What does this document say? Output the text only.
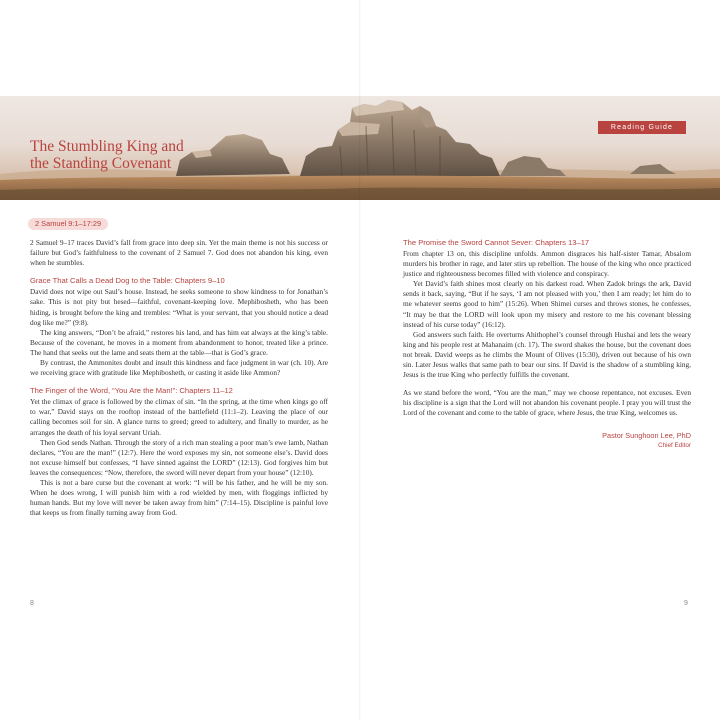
The Stumbling King and
the Standing Covenant
Reading Guide
2 Samuel 9:1–17:29

2 Samuel 9–17 traces David’s fall from grace into deep sin. Yet the main theme is not his success or failure but God’s faithfulness to the covenant of 2 Samuel 7. God does not abandon his king, even when he stumbles.

Grace That Calls a Dead Dog to the Table: Chapters 9–10

David does not wipe out Saul’s house. Instead, he seeks someone to show kindness to for Jonathan’s sake. This is not pity but hesed—faithful, covenant-keeping love. Mephibosheth, who has been hiding, is brought before the king and trembles: “What is your servant, that you should notice a dead dog like me?” (9:8).

The king answers, “Don’t be afraid,” restores his land, and has him eat always at the king’s table. Because of the covenant, he moves in a moment from abandonment to honor, treated like a prince. The hand that seeks out the lame and seats them at the table—that is God’s grace.

By contrast, the Ammonites doubt and insult this kindness and face judgment in war (ch. 10). Are we receiving grace with gratitude like Mephibosheth, or casting it aside like Ammon?

The Finger of the Word, “You Are the Man!”: Chapters 11–12

Yet the climax of grace is followed by the climax of sin. “In the spring, at the time when kings go off to war,” David stays on the rooftop instead of the battlefield (11:1–2). Leaving the place of our calling becomes soil for sin. A glance turns to greed; greed to adultery, and finally to murder, as he arranges the death of his loyal servant Uriah.

Then God sends Nathan. Through the story of a rich man stealing a poor man’s ewe lamb, Nathan declares, “You are the man!” (12:7). Here the word exposes my sin, not someone else’s. David does not excuse himself but confesses, “I have sinned against the LORD” (12:13). God forgives him but leaves the consequences: “Now, therefore, the sword will never depart from your house” (12:10).

This is not a bare curse but the covenant at work: “I will be his father, and he will be my son. When he does wrong, I will punish him with a rod wielded by men, with floggings inflicted by human hands. But my love will never be taken away from him” (7:14–15). Discipline is painful love that keeps us from finally turning away from God.

The Promise the Sword Cannot Sever: Chapters 13–17

From chapter 13 on, this discipline unfolds. Ammon disgraces his half-sister Tamar, Absalom murders his brother in rage, and later stirs up rebellion. The house of the king who once practiced justice and righteousness becomes filled with violence and conspiracy.

Yet David’s faith shines most clearly on his darkest road. When Zadok brings the ark, David sends it back, saying, “But if he says, ‘I am not pleased with you,’ then I am ready; let him do to me whatever seems good to him” (15:26). When Shimei curses and throws stones, he confesses, “It may be that the LORD will look upon my misery and restore to me his covenant blessing instead of his curse today” (16:12).

God answers such faith. He overturns Ahithophel’s counsel through Hushai and lets the weary king and his people rest at Mahanaim (ch. 17). The sword shakes the house, but the covenant does not break. David weeps as he climbs the Mount of Olives (15:30), driven out because of his own sin. Later Jesus walks that same path to bear our sins. If David is the shadow of a stumbling king, Jesus is the true King who perfectly fulfills the covenant.

As we stand before the word, “You are the man,” may we choose repentance, not excuses. Even his discipline is a sign that the Lord will not abandon his covenant people. I pray you will trust the Lord of the covenant and come to the table of grace, where Jesus, the true King, welcomes us.

Pastor Sunghoon Lee, PhD
Chief Editor
8	9
